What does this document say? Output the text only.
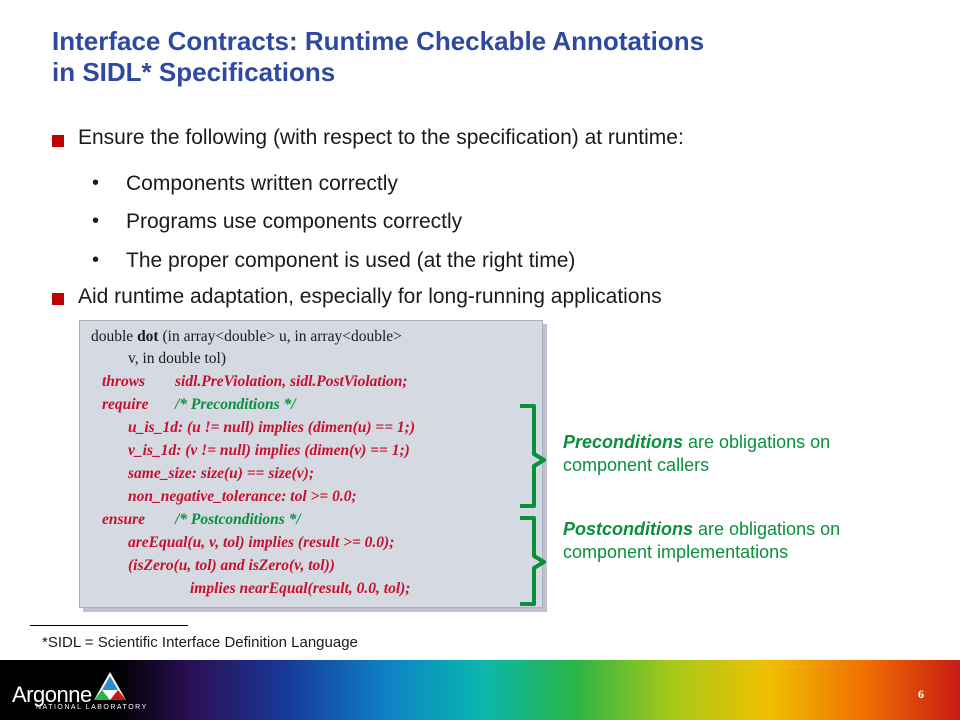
Interface Contracts: Runtime Checkable Annotations
in SIDL* Specifications
Ensure the following (with respect to the specification) at runtime:
• Components written correctly
• Programs use components correctly
• The proper component is used (at the right time)
Aid runtime adaptation, especially for long-running applications
double dot (in array<double> u, in array<double>
v, in double tol)
throws sidl.PreViolation, sidl.PostViolation;
require /* Preconditions */
u_is_1d: (u != null) implies (dimen(u) == 1;)
v_is_1d: (v != null) implies (dimen(v) == 1;)
same_size: size(u) == size(v);
non_negative_tolerance: tol >= 0.0;
ensure /* Postconditions */
areEqual(u, v, tol) implies (result >= 0.0);
(isZero(u, tol) and isZero(v, tol))
implies nearEqual(result, 0.0, tol);
Preconditions are obligations on component callers
Postconditions are obligations on component implementations
*SIDL = Scientific Interface Definition Language
Argonne
NATIONAL LABORATORY
6
